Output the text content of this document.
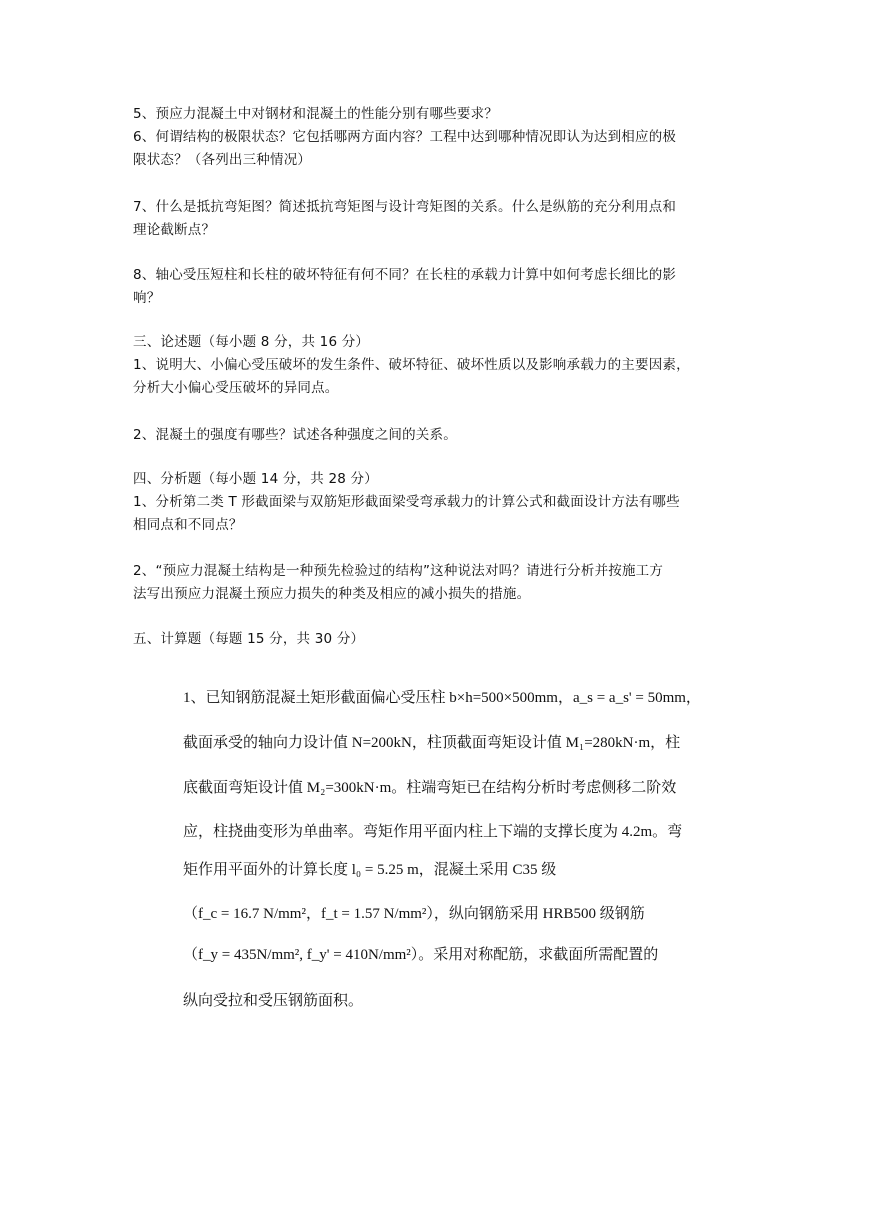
5、预应力混凝土中对钢材和混凝土的性能分别有哪些要求？
6、何谓结构的极限状态？它包括哪两方面内容？工程中达到哪种情况即认为达到相应的极
限状态？（各列出三种情况）
7、什么是抵抗弯矩图？简述抵抗弯矩图与设计弯矩图的关系。什么是纵筋的充分利用点和
理论截断点？
8、轴心受压短柱和长柱的破坏特征有何不同？在长柱的承载力计算中如何考虑长细比的影
响？
三、论述题（每小题 8 分，共 16 分）
1、说明大、小偏心受压破坏的发生条件、破坏特征、破坏性质以及影响承载力的主要因素，
分析大小偏心受压破坏的异同点。
2、混凝土的强度有哪些？试述各种强度之间的关系。
四、分析题（每小题 14 分，共 28 分）
1、分析第二类 T 形截面梁与双筋矩形截面梁受弯承载力的计算公式和截面设计方法有哪些
相同点和不同点？
2、“预应力混凝土结构是一种预先检验过的结构”这种说法对吗？请进行分析并按施工方
法写出预应力混凝土预应力损失的种类及相应的减小损失的措施。
五、计算题（每题 15 分，共 30 分）
1、已知钢筋混凝土矩形截面偏心受压柱 b×h=500×500mm，a_s = a_s' = 50mm，
截面承受的轴向力设计值 N=200kN，柱顶截面弯矩设计值 M₁=280kN·m，柱
底截面弯矩设计值 M₂=300kN·m。柱端弯矩已在结构分析时考虑侧移二阶效
应，柱挠曲变形为单曲率。弯矩作用平面内柱上下端的支撑长度为 4.2m。弯
矩作用平面外的计算长度 l₀ = 5.25 m，混凝土采用 C35 级
（f_c = 16.7 N/mm²，f_t = 1.57 N/mm²），纵向钢筋采用 HRB500 级钢筋
（f_y = 435N/mm², f_y' = 410N/mm²）。采用对称配筋，求截面所需配置的
纵向受拉和受压钢筋面积。
